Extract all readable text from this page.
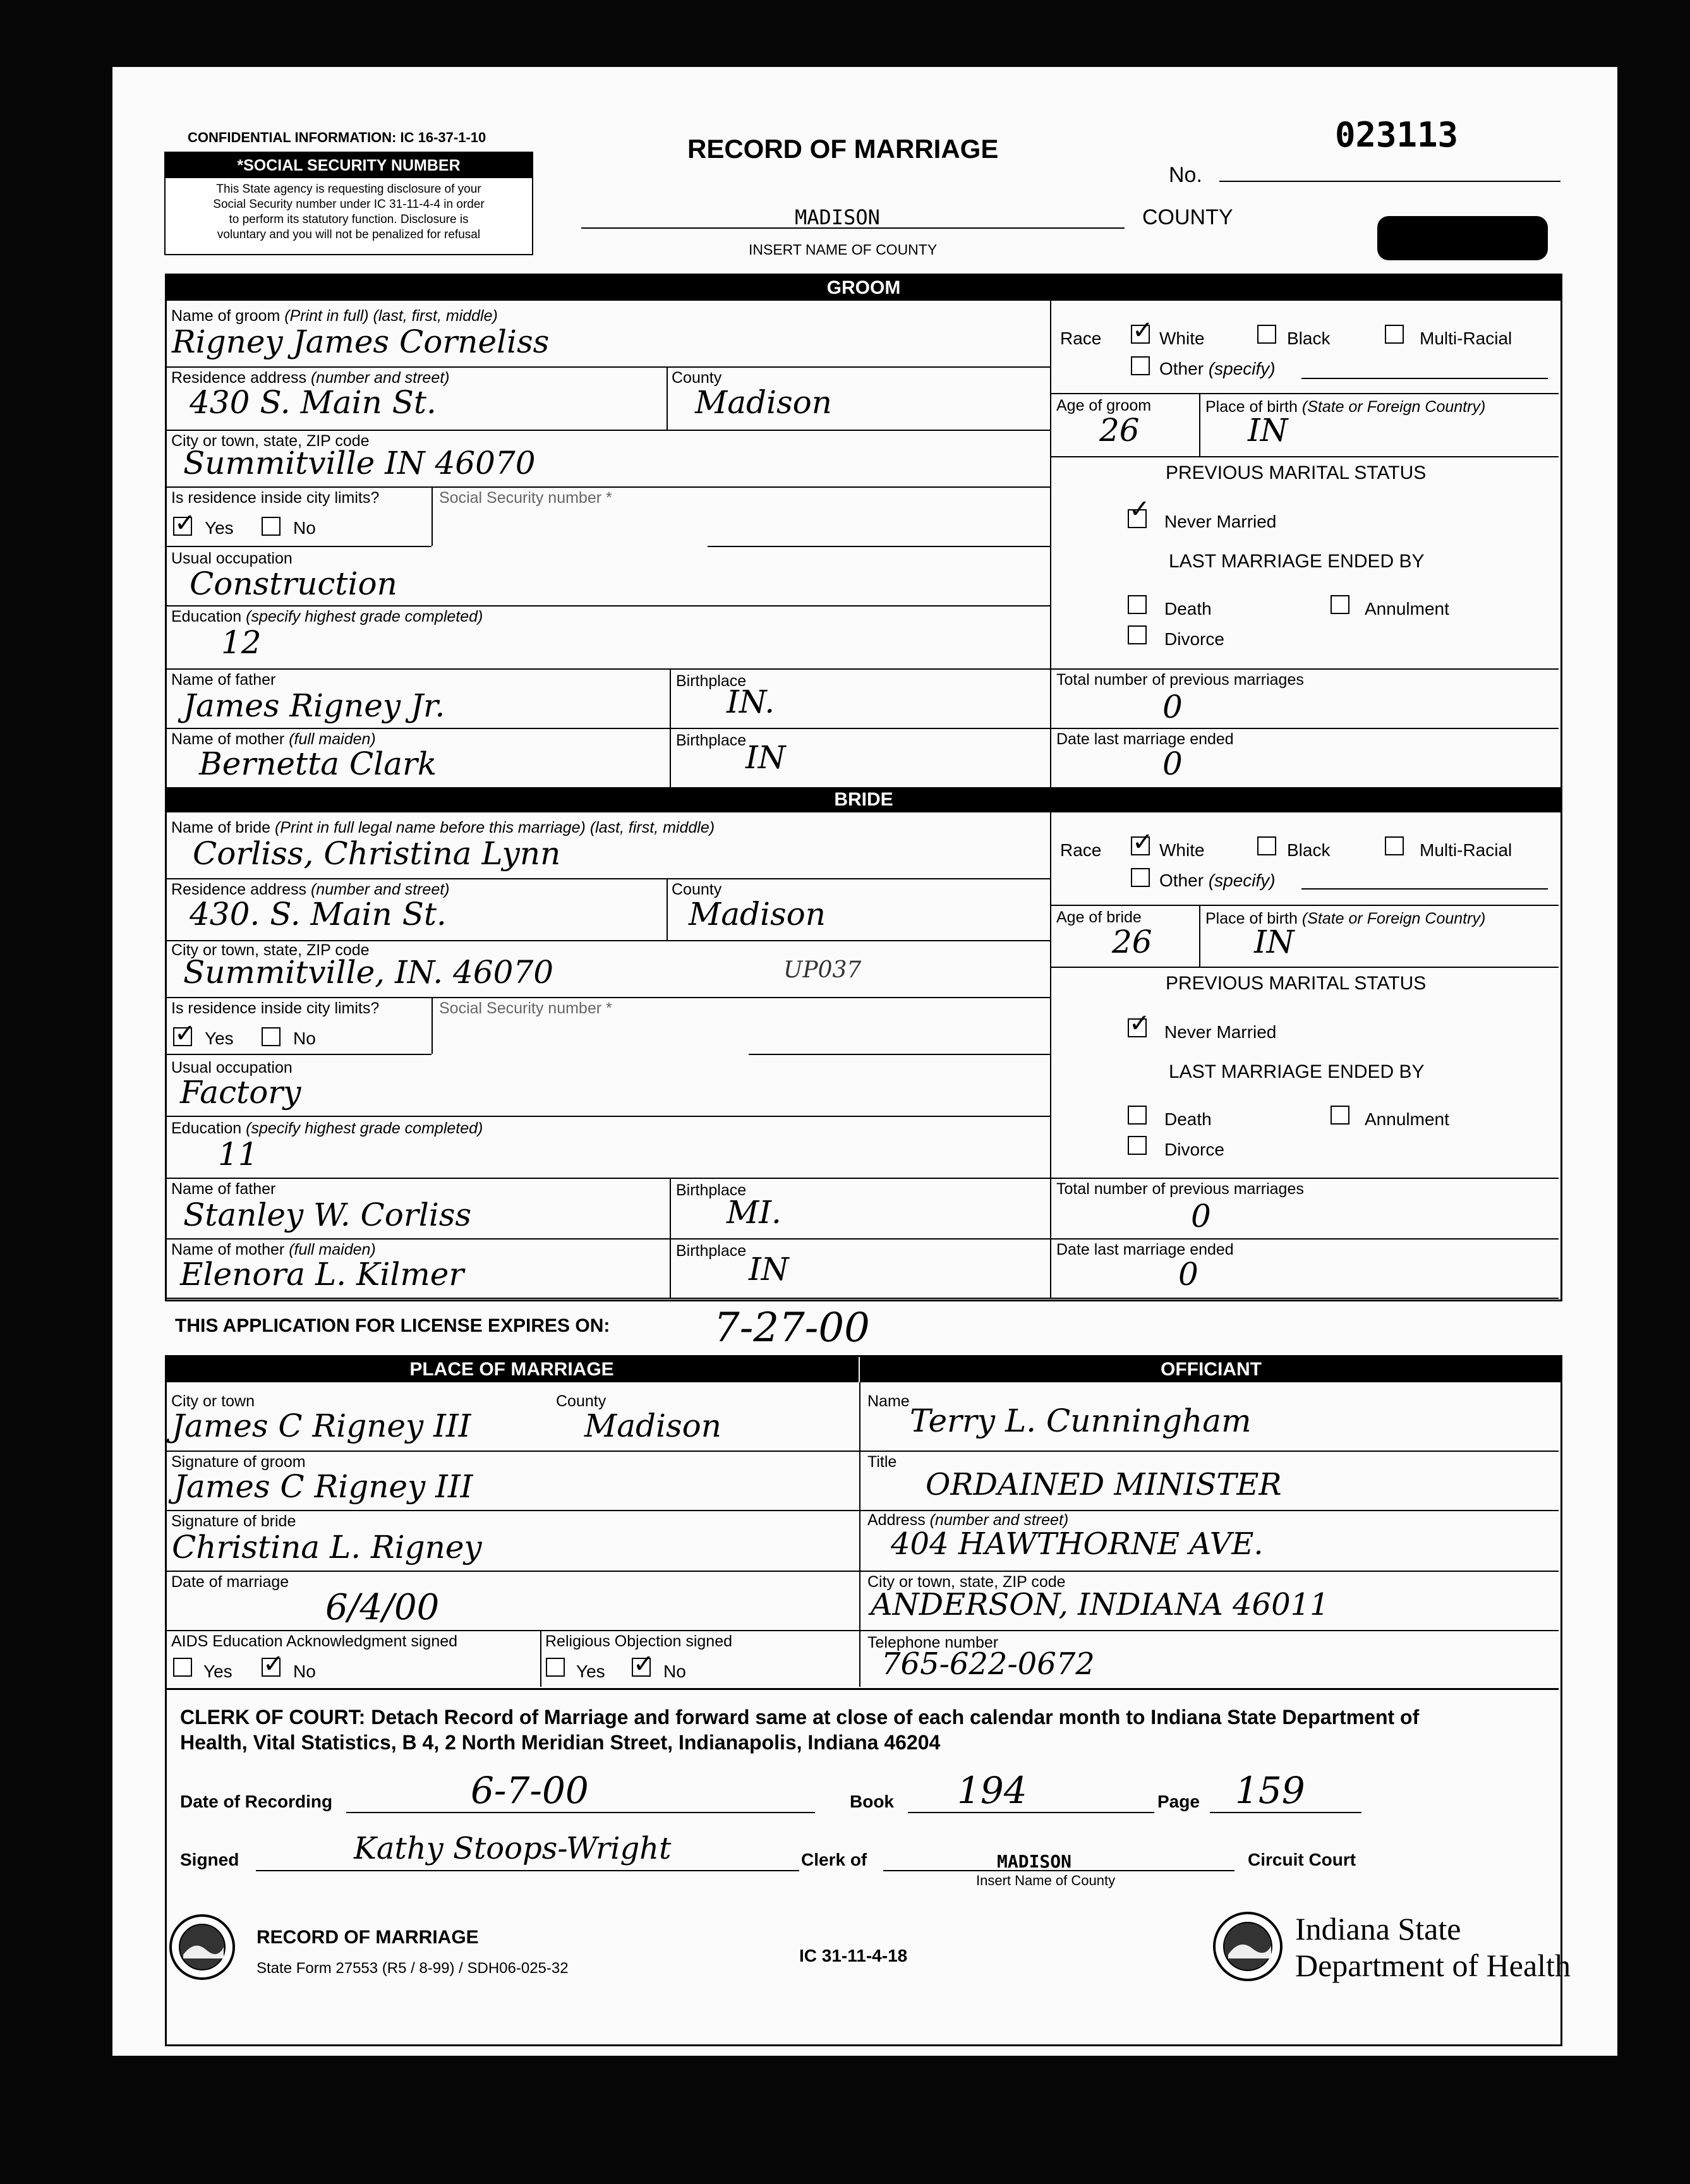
CONFIDENTIAL INFORMATION: IC 16-37-1-10
*SOCIAL SECURITY NUMBER
This State agency is requesting disclosure of your
Social Security number under IC 31-11-4-4 in order
to perform its statutory function. Disclosure is
voluntary and you will not be penalized for refusal
RECORD OF MARRIAGE	023113
No.
MADISON	COUNTY
INSERT NAME OF COUNTY
GROOM
Name of groom (Print in full) (last, first, middle)
Rigney James Corneliss
Residence address (number and street)	County
430 S. Main St.	Madison
City or town, state, ZIP code
Summitville IN 46070
Is residence inside city limits?	Social Security number *
✓ Yes	No
Usual occupation
Construction
Education (specify highest grade completed)
12
Name of father	Birthplace
James Rigney Jr.	IN.
Name of mother (full maiden)	Birthplace
Bernetta Clark	IN
Race ✓ White	Black	Multi-Racial
Other (specify)
Age of groom	Place of birth (State or Foreign Country)
26	IN
PREVIOUS MARITAL STATUS
✓ Never Married
LAST MARRIAGE ENDED BY
Death	Annulment
Divorce
Total number of previous marriages
0
Date last marriage ended
0
BRIDE
Name of bride (Print in full legal name before this marriage) (last, first, middle)
Corliss, Christina Lynn
Residence address (number and street)	County
430. S. Main St.	Madison
City or town, state, ZIP code
Summitville, IN. 46070	UP037
Is residence inside city limits?	Social Security number *
✓ Yes	No
Usual occupation
Factory
Education (specify highest grade completed)
11
Name of father	Birthplace
Stanley W. Corliss	MI.
Name of mother (full maiden)	Birthplace
Elenora L. Kilmer	IN
Race ✓ White	Black	Multi-Racial
Other (specify)
Age of bride	Place of birth (State or Foreign Country)
26	IN
PREVIOUS MARITAL STATUS
✓ Never Married
LAST MARRIAGE ENDED BY
Death	Annulment
Divorce
Total number of previous marriages
0
Date last marriage ended
0
THIS APPLICATION FOR LICENSE EXPIRES ON:	7-27-00
PLACE OF MARRIAGE	OFFICIANT
City or town	County
James C Rigney III	Madison
Signature of groom
James C Rigney III
Signature of bride
Christina L. Rigney
Date of marriage
6/4/00
AIDS Education Acknowledgment signed	Religious Objection signed
Yes ✓ No	Yes ✓ No
Name
Terry L. Cunningham
Title
ORDAINED MINISTER
Address (number and street)
404 HAWTHORNE AVE.
City or town, state, ZIP code
ANDERSON, INDIANA 46011
Telephone number
765-622-0672
CLERK OF COURT: Detach Record of Marriage and forward same at close of each calendar month to Indiana State Department of
Health, Vital Statistics, B 4, 2 North Meridian Street, Indianapolis, Indiana 46204
Date of Recording	6-7-00	Book 194	Page 159
Signed	Kathy Stoops-Wright	Clerk of	MADISON
Insert Name of County
Circuit Court
RECORD OF MARRIAGE
State Form 27553 (R5 / 8-99) / SDH06-025-32
IC 31-11-4-18
Indiana State
Department of Health
